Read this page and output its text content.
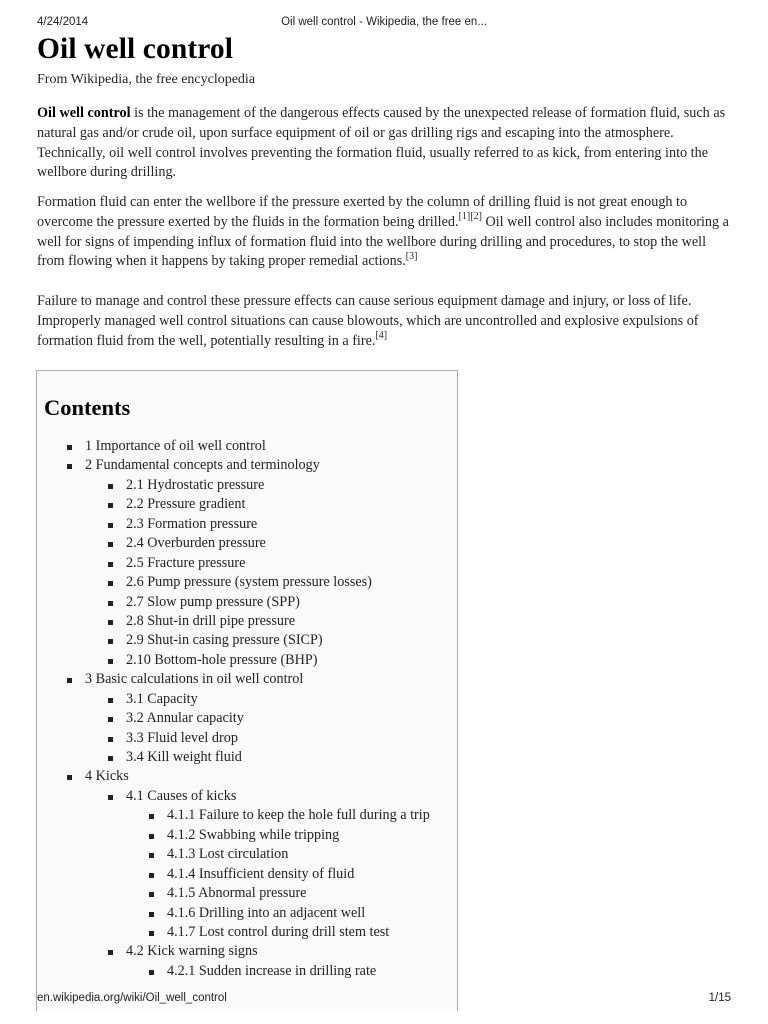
4/24/2014	Oil well control - Wikipedia, the free en...
Oil well control
From Wikipedia, the free encyclopedia

Oil well control is the management of the dangerous effects caused by the unexpected release of formation fluid, such as natural gas and/or crude oil, upon surface equipment of oil or gas drilling rigs and escaping into the atmosphere. Technically, oil well control involves preventing the formation fluid, usually referred to as kick, from entering into the wellbore during drilling.

Formation fluid can enter the wellbore if the pressure exerted by the column of drilling fluid is not great enough to overcome the pressure exerted by the fluids in the formation being drilled.[1][2] Oil well control also includes monitoring a well for signs of impending influx of formation fluid into the wellbore during drilling and procedures, to stop the well from flowing when it happens by taking proper remedial actions.[3]

Failure to manage and control these pressure effects can cause serious equipment damage and injury, or loss of life. Improperly managed well control situations can cause blowouts, which are uncontrolled and explosive expulsions of formation fluid from the well, potentially resulting in a fire.[4]

Contents
1 Importance of oil well control
2 Fundamental concepts and terminology
2.1 Hydrostatic pressure
2.2 Pressure gradient
2.3 Formation pressure
2.4 Overburden pressure
2.5 Fracture pressure
2.6 Pump pressure (system pressure losses)
2.7 Slow pump pressure (SPP)
2.8 Shut-in drill pipe pressure
2.9 Shut-in casing pressure (SICP)
2.10 Bottom-hole pressure (BHP)
3 Basic calculations in oil well control
3.1 Capacity
3.2 Annular capacity
3.3 Fluid level drop
3.4 Kill weight fluid
4 Kicks
4.1 Causes of kicks
4.1.1 Failure to keep the hole full during a trip
4.1.2 Swabbing while tripping
4.1.3 Lost circulation
4.1.4 Insufficient density of fluid
4.1.5 Abnormal pressure
4.1.6 Drilling into an adjacent well
4.1.7 Lost control during drill stem test
4.2 Kick warning signs
4.2.1 Sudden increase in drilling rate
en.wikipedia.org/wiki/Oil_well_control	1/15
